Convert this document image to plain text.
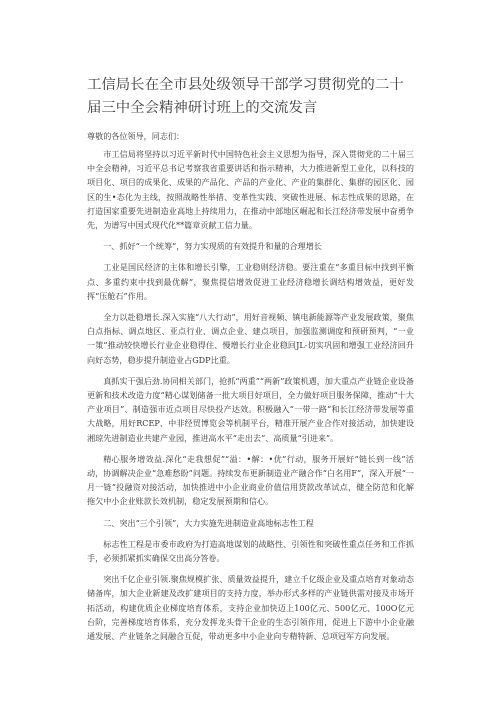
工信局长在全市县处级领导干部学习贯彻党的二十
届三中全会精神研讨班上的交流发言
尊敬的各位领导，同志们：

市工信局将坚持以习近平新时代中国特色社会主义思想为指导，深入贯彻党的二十届三中全会精神，习近平总书记考察我省重要讲话和指示精神，大力推进新型工业化，以科技的项目化、项目的成果化、成果的产品化、产品的产业化、产业的集群化、集群的园区化、园区的生•态化为主线，按照战略性举措、变革性实践、突破性进展、标志性成果的思路，在打造国家重要先进制造业高地上持续用力，在推动中部地区崛起和长江经济带发展中奋勇争先，为谱写中国式现代化**篇章贡献工信力量。

一、抓好“一个统筹”，努力实现质的有效提升和量的合理增长

工业是国民经济的主体和增长引擎，工业稳则经济稳。要注重在“多重目标中找到平衡点、多重约束中找到最优解”，聚焦提信增效促进工业经济稳增长调结构增效益，更好发挥“压舱石”作用。

全力以赴稳增长.深入实施“八大行动”，用好音视频、镇电新能源等产业发展政策，聚焦白点指标、调点地区、亚点行业、调点企业、建点项目，加强监测调度和预研预判，“一业一策”推动较快增长行业企业稳得住、慢增长行业企业稳回JL-切实巩固和增强工业经济回升向好态势，稳步提升制造业占GDP比重。

真抓实干强后劲.协同相关部门，抢抓“两重”“两新”政策机遇，加大重点产业链企业设备更新和技术改造力度“精心谋划储备一批大项目好项目，全力做好项目服务保障，推动“十大产业项目”、制造强市近点项目尽快投产达效。积极融入“一带一路”和长江经济带发展等重大战略，用好RCEP、中非经贸博览会等机制平台，精准开展产业合作对接活动，加快建设湘琼先进制造业共建产业园，推进高水平“走出去”、高质量“引进来”。

精心服务增效益.深化“走我想促”“溢：•解：•优”行动，服务开展好“链长到一线”活动，协调解决企业“急难愁盼”问题。持续发布更新制造业产融合作“白名用F”，深入开展“一月一链”投融资对接活动，加快推进中小企业商业价值信用贷款改革试点，健全防范和化解拖欠中小企业账款长效机制，稳定发展预期和信心。

二、突出“三个引领”，大力实施先进制造业高地标志性工程

标志性工程是市委市政府为打造高地谋划的战略性、引领性和突破性重点任务和工作抓手，必须抓紧抓实确保交出高分答卷。

突出千亿企业引领.聚焦规模扩张、质量效益提升，建立千亿级企业及重点培育对象动态储备库，加大企业新建及改扩建项目的支持力度，举办形式多样的产业链供需对接及市场开拓活动，构建优质企业梯度培育体系，支持企业加快迈上100亿元、500亿元、100O亿元台阶，完善梯度培育体系，充分发挥龙头骨干企业的生态引领作用，促进上下游中小企业融通发展、产业链条之间融合互促，带动更多中小企业向专精特新、总项冠军方向发展。
